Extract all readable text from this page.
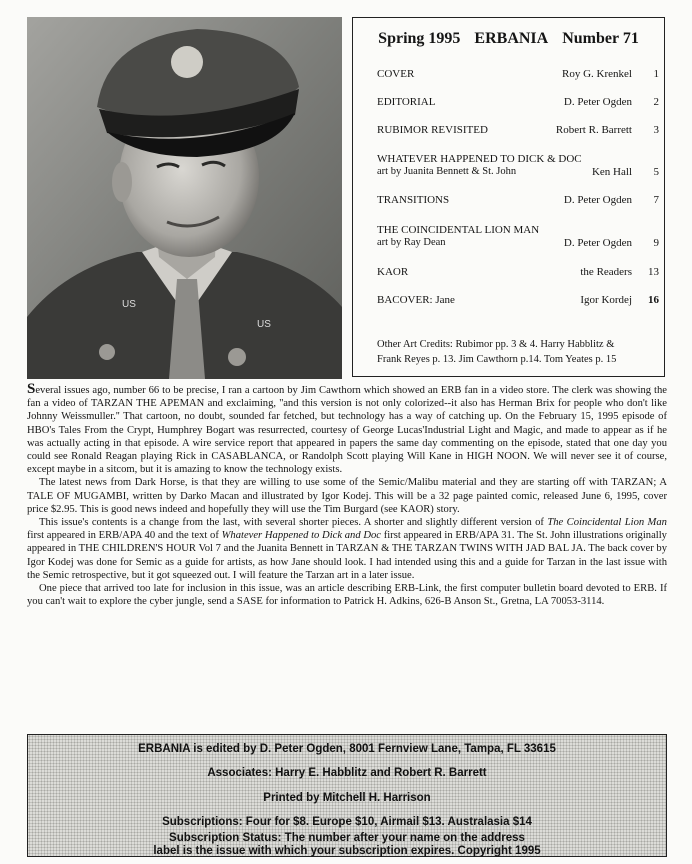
US
US
Spring 1995 ERBANIA Number 71
COVER	Roy G. Krenkel	1
EDITORIAL	D. Peter Ogden	2
RUBIMOR REVISITED	Robert R. Barrett	3
WHATEVER HAPPENED TO DICK & DOC
art by Juanita Bennett & St. John	Ken Hall	5
TRANSITIONS	D. Peter Ogden	7
THE COINCIDENTAL LION MAN
art by Ray Dean	D. Peter Ogden	9
KAOR	the Readers	13
BACOVER: Jane	Igor Kordej	16
Other Art Credits: Rubimor pp. 3 & 4. Harry Habblitz &
Frank Reyes p. 13. Jim Cawthorn p.14. Tom Yeates p. 15

Several issues ago, number 66 to be precise, I ran a cartoon by Jim Cawthorn which showed an ERB fan in a video store. The clerk was showing the fan a video of TARZAN THE APEMAN and exclaiming, ''and this version is not only colorized--it also has Herman Brix for people who don't like Johnny Weissmuller.'' That cartoon, no doubt, sounded far fetched, but technology has a way of catching up. On the February 15, 1995 episode of HBO's Tales From the Crypt, Humphrey Bogart was resurrected, courtesy of George Lucas'Industrial Light and Magic, and made to appear as if he was actually acting in that episode. A wire service report that appeared in papers the same day commenting on the episode, stated that one day you could see Ronald Reagan playing Rick in CASABLANCA, or Randolph Scott playing Will Kane in HIGH NOON. We will never see it of course, except maybe in a sitcom, but it is amazing to know the technology exists.

The latest news from Dark Horse, is that they are willing to use some of the Semic/Malibu material and they are starting off with TARZAN; A TALE OF MUGAMBI, written by Darko Macan and illustrated by Igor Kodej. This will be a 32 page painted comic, released June 6, 1995, cover price $2.95. This is good news indeed and hopefully they will use the Tim Burgard (see KAOR) story.

This issue's contents is a change from the last, with several shorter pieces. A shorter and slightly different version of The Coincidental Lion Man first appeared in ERB/APA 40 and the text of Whatever Happened to Dick and Doc first appeared in ERB/APA 31. The St. John illustrations originally appeared in THE CHILDREN'S HOUR Vol 7 and the Juanita Bennett in TARZAN & THE TARZAN TWINS WITH JAD BAL JA. The back cover by Igor Kodej was done for Semic as a guide for artists, as how Jane should look. I had intended using this and a guide for Tarzan in the last issue with the Semic retrospective, but it got squeezed out. I will feature the Tarzan art in a later issue.

One piece that arrived too late for inclusion in this issue, was an article describing ERB-Link, the first computer bulletin board devoted to ERB. If you can't wait to explore the cyber jungle, send a SASE for information to Patrick H. Adkins, 626-B Anson St., Gretna, LA 70053-3114.

ERBANIA is edited by D. Peter Ogden, 8001 Fernview Lane, Tampa, FL 33615
Associates: Harry E. Habblitz and Robert R. Barrett
Printed by Mitchell H. Harrison
Subscriptions: Four for $8. Europe $10, Airmail $13. Australasia $14
Subscription Status: The number after your name on the address
label is the issue with which your subscription expires. Copyright 1995
